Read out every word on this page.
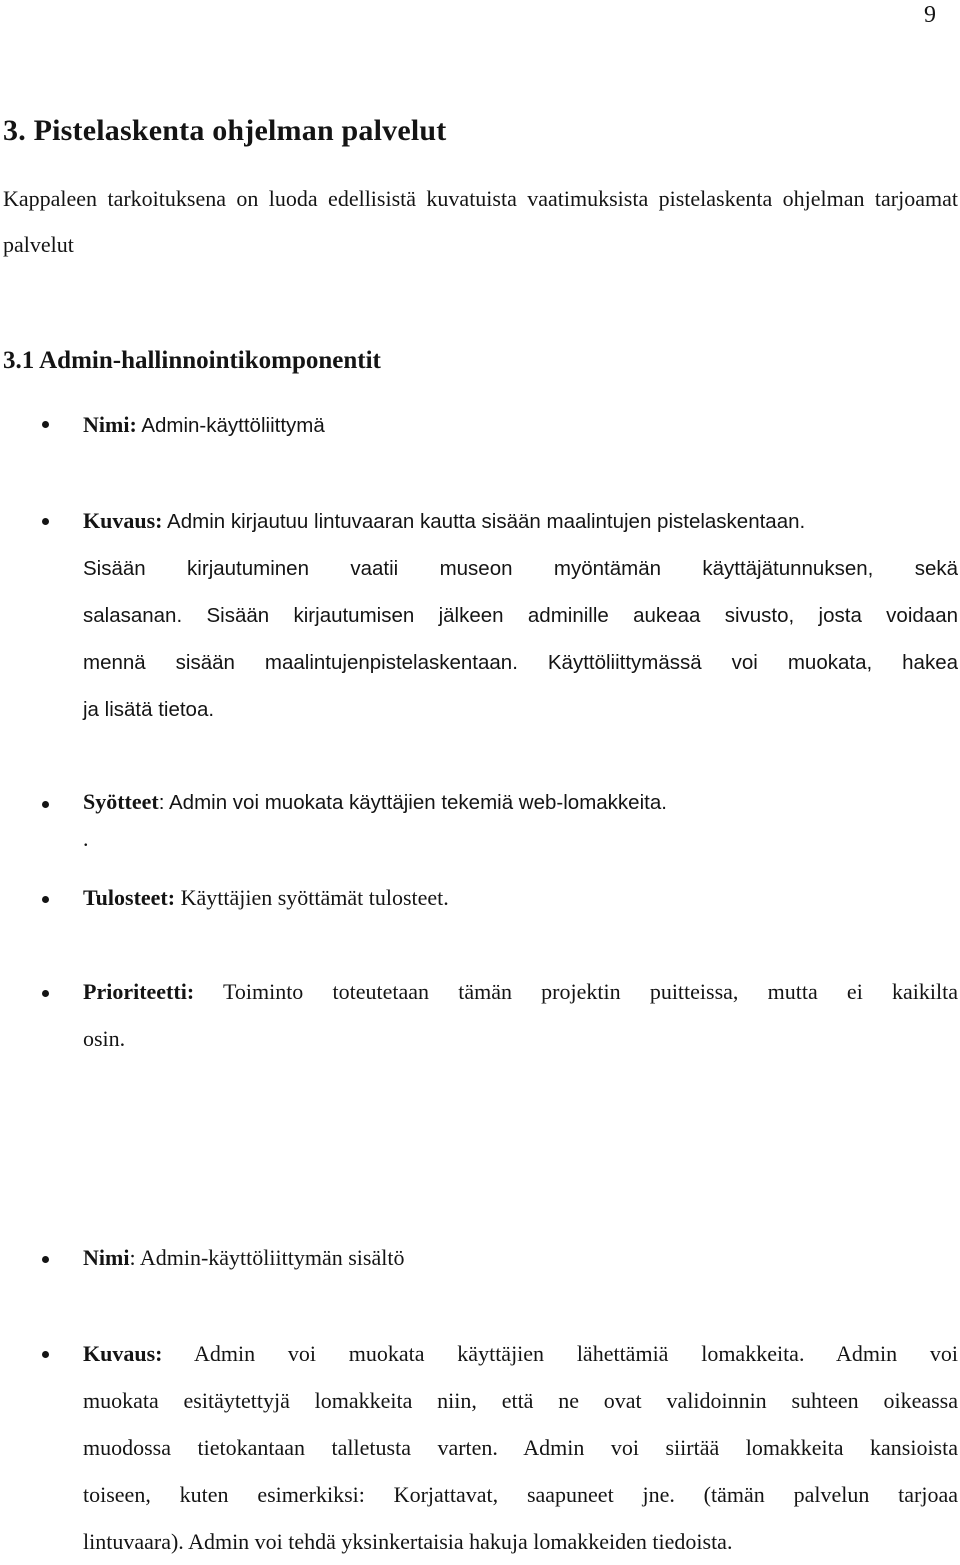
9
3. Pistelaskenta ohjelman palvelut
Kappaleen tarkoituksena on luoda edellisistä kuvatuista vaatimuksista pistelaskenta ohjelman tarjoamat palvelut
3.1 Admin-hallinnointikomponentit

Nimi: Admin-käyttöliittymä

Kuvaus: Admin kirjautuu lintuvaaran kautta sisään maalintujen pistelaskentaan.

Sisään kirjautuminen vaatii museon myöntämän käyttäjätunnuksen, sekä

salasanan. Sisään kirjautumisen jälkeen adminille aukeaa sivusto, josta voidaan

mennä sisään maalintujenpistelaskentaan. Käyttöliittymässä voi muokata, hakea

ja lisätä tietoa.

Syötteet: Admin voi muokata käyttäjien tekemiä web-lomakkeita.

.

Tulosteet: Käyttäjien syöttämät tulosteet.

Prioriteetti: Toiminto toteutetaan tämän projektin puitteissa, mutta ei kaikilta

osin.

Nimi: Admin-käyttöliittymän sisältö

Kuvaus: Admin voi muokata käyttäjien lähettämiä lomakkeita. Admin voi

muokata esitäytettyjä lomakkeita niin, että ne ovat validoinnin suhteen oikeassa

muodossa tietokantaan talletusta varten. Admin voi siirtää lomakkeita kansioista

toiseen, kuten esimerkiksi: Korjattavat, saapuneet jne. (tämän palvelun tarjoaa

lintuvaara). Admin voi tehdä yksinkertaisia hakuja lomakkeiden tiedoista.
